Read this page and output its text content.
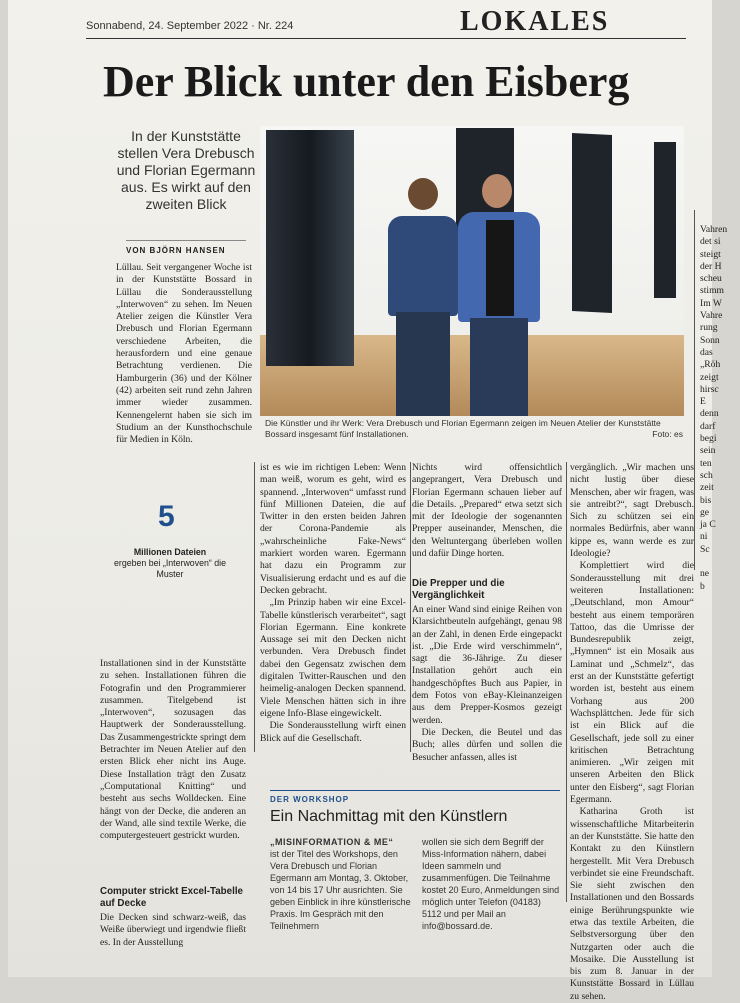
Sonnabend, 24. September 2022 · Nr. 224	LOKALES
Der Blick unter den Eisberg
In der Kunststätte stellen Vera Drebusch und Florian Egermann aus. Es wirkt auf den zweiten Blick
VON BJÖRN HANSEN
Lüllau. Seit vergangener Woche ist in der Kunststätte Bossard in Lüllau die Sonderausstellung „Interwoven“ zu sehen. Im Neuen Atelier zeigen die Künstler Vera Drebusch und Florian Egermann verschiedene Arbeiten, die herausfordern und eine genaue Betrachtung verdienen. Die Hamburgerin (36) und der Kölner (42) arbeiten seit rund zehn Jahren immer wieder zusammen. Kennengelernt haben sie sich im Studium an der Kunsthochschule für Medien in Köln.
Die Künstler und ihr Werk: Vera Drebusch und Florian Egermann zeigen im Neuen Atelier der Kunststätte Bossard insgesamt fünf Installationen.	Foto: es
5
Millionen Dateien
ergeben bei „Interwoven“ die Muster
Installationen sind in der Kunststätte zu sehen. Installationen führen die Fotografin und den Programmierer zusammen. Titelgebend ist „Interwoven“, sozusagen das Hauptwerk der Sonderausstellung. Das Zusammengestrickte springt dem Betrachter im Neuen Atelier auf den ersten Blick eher nicht ins Auge. Diese Installation trägt den Zusatz „Computational Knitting“ und besteht aus sechs Wolldecken. Eine hängt von der Decke, die anderen an der Wand, alle sind textile Werke, die computergesteuert gestrickt wurden.
Computer strickt Excel-Tabelle auf Decke
Die Decken sind schwarz-weiß, das Weiße überwiegt und irgendwie fließt es. In der Ausstellung
ist es wie im richtigen Leben: Wenn man weiß, worum es geht, wird es spannend. „Interwoven“ umfasst rund fünf Millionen Dateien, die auf Twitter in den ersten beiden Jahren der Corona-Pandemie als „wahrscheinliche Fake-News“ markiert worden waren. Egermann hat dazu ein Programm zur Visualisierung erdacht und es auf die Decken gebracht.
 „Im Prinzip haben wir eine Excel-Tabelle künstlerisch verarbeitet“, sagt Florian Egermann. Eine konkrete Aussage sei mit den Decken nicht verbunden. Vera Drebusch findet dabei den Gegensatz zwischen dem digitalen Twitter-Rauschen und den heimelig-analogen Decken spannend. Viele Menschen hätten sich in ihre eigene Info-Blase eingewickelt.
 Die Sonderausstellung wirft einen Blick auf die Gesellschaft.
Nichts wird offensichtlich angeprangert, Vera Drebusch und Florian Egermann schauen lieber auf die Details. „Prepared“ etwa setzt sich mit der Ideologie der sogenannten Prepper auseinander, Menschen, die den Weltuntergang überleben wollen und dafür Dinge horten.
Die Prepper und die Vergänglichkeit
An einer Wand sind einige Reihen von Klarsichtbeuteln aufgehängt, genau 98 an der Zahl, in denen Erde eingepackt ist. „Die Erde wird verschimmeln“, sagt die 36-Jährige. Zu dieser Installation gehört auch ein handgeschöpftes Buch aus Papier, in dem Fotos von eBay-Kleinanzeigen aus dem Prepper-Kosmos gezeigt werden.
 Die Decken, die Beutel und das Buch; alles dürfen und sollen die Besucher anfassen, alles ist
vergänglich. „Wir machen uns nicht lustig über diese Menschen, aber wir fragen, was sie antreibt?“, sagt Drebusch. Sich zu schützen sei ein normales Bedürfnis, aber wann kippe es, wann werde es zur Ideologie?
 Komplettiert wird die Sonderausstellung mit drei weiteren Installationen: „Deutschland, mon Amour“ besteht aus einem temporären Tattoo, das die Umrisse der Bundesrepublik zeigt, „Hymnen“ ist ein Mosaik aus Laminat und „Schmelz“, das erst an der Kunststätte gefertigt worden ist, besteht aus einem Vorhang aus 200 Wachsplättchen. Jede für sich ist ein Blick auf die Gesellschaft, jede soll zu einer kritischen Betrachtung animieren. „Wir zeigen mit unseren Arbeiten den Blick unter den Eisberg“, sagt Florian Egermann.
 Katharina Groth ist wissenschaftliche Mitarbeiterin an der Kunststätte. Sie hatte den Kontakt zu den Künstlern hergestellt. Mit Vera Drebusch verbindet sie eine Freundschaft. Sie sieht zwischen den Installationen und den Bossards einige Berührungspunkte wie etwa das textile Arbeiten, die Selbstversorgung über den Nutzgarten oder auch die Mosaike. Die Ausstellung ist bis zum 8. Januar in der Kunststätte Bossard in Lüllau zu sehen.
DER WORKSHOP
Ein Nachmittag mit den Künstlern
„MISINFORMATION & ME“
ist der Titel des Workshops, den Vera Drebusch und Florian Egermann am Montag, 3. Oktober, von 14 bis 17 Uhr ausrichten. Sie geben Einblick in ihre künstlerische Praxis. Im Gespräch mit den Teilnehmern
wollen sie sich dem Begriff der Miss-Information nähern, dabei Ideen sammeln und zusammenfügen. Die Teilnahme kostet 20 Euro, Anmeldungen sind möglich unter Telefon (04183) 5112 und per Mail an info@bossard.de.
Vahren
det si
steigt
der H
scheu
stimm
Im W
Vahre
rung
Sonn
das
„Röh
zeigt
hirsc
E
denn
darf
begi
sein
ten
sch
zeit
bis
ge
ja C
ni
Sc

ne
b
